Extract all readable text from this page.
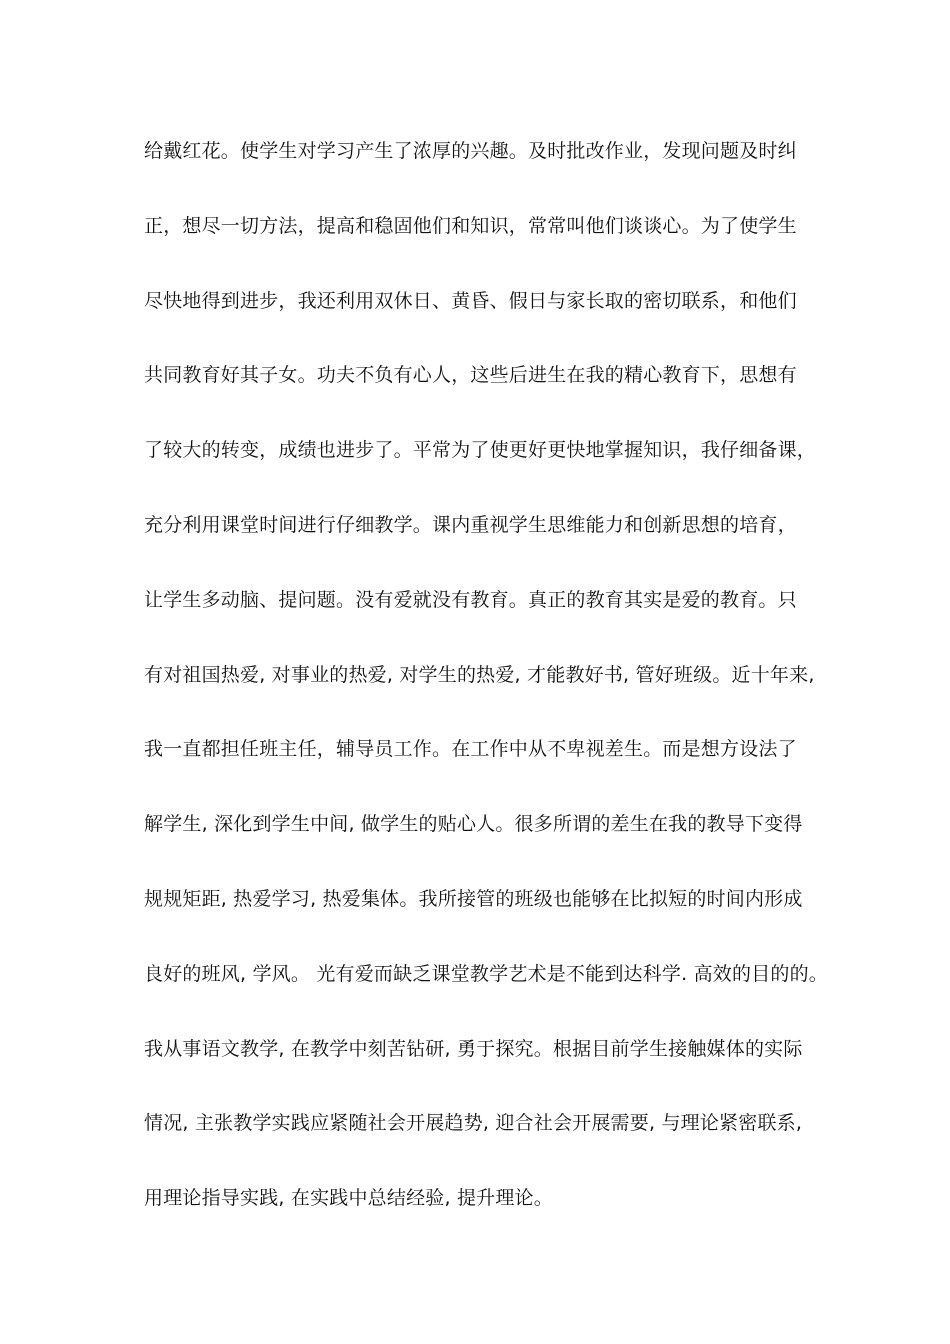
给戴红花。使学生对学习产生了浓厚的兴趣。及时批改作业，发现问题及时纠
正，想尽一切方法，提高和稳固他们和知识，常常叫他们谈谈心。为了使学生
尽快地得到进步，我还利用双休日、黄昏、假日与家长取的密切联系，和他们
共同教育好其子女。功夫不负有心人，这些后进生在我的精心教育下，思想有
了较大的转变，成绩也进步了。平常为了使更好更快地掌握知识，我仔细备课，
充分利用课堂时间进行仔细教学。课内重视学生思维能力和创新思想的培育，
让学生多动脑、提问题。没有爱就没有教育。真正的教育其实是爱的教育。只
有对祖国热爱, 对事业的热爱, 对学生的热爱, 才能教好书, 管好班级。近十年来,
我一直都担任班主任，辅导员工作。在工作中从不卑视差生。而是想方设法了
解学生, 深化到学生中间, 做学生的贴心人。很多所谓的差生在我的教导下变得
规规矩距, 热爱学习, 热爱集体。我所接管的班级也能够在比拟短的时间内形成
良好的班风, 学风。 光有爱而缺乏课堂教学艺术是不能到达科学. 高效的目的的。
我从事语文教学, 在教学中刻苦钻研, 勇于探究。根据目前学生接触媒体的实际
情况, 主张教学实践应紧随社会开展趋势, 迎合社会开展需要, 与理论紧密联系,
用理论指导实践, 在实践中总结经验, 提升理论。
